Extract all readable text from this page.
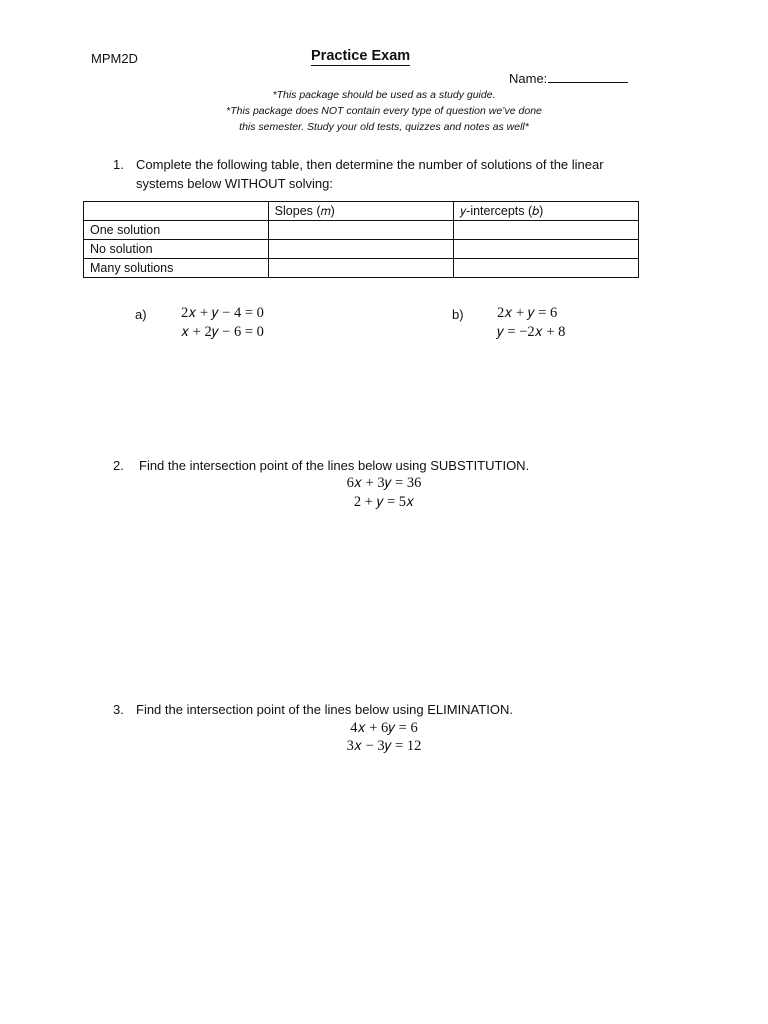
MPM2D	Practice Exam
Name:
*This package should be used as a study guide.
*This package does NOT contain every type of question we’ve done
this semester. Study your old tests, quizzes and notes as well*
1. Complete the following table, then determine the number of solutions of the linear
systems below WITHOUT solving:
	Slopes (𝑚)	𝑦-intercepts (𝑏)
One solution		
No solution		
Many solutions		
a) 2𝑥 + 𝑦 − 4 = 0
𝑥 + 2𝑦 − 6 = 0
b) 2𝑥 + 𝑦 = 6
𝑦 = −2𝑥 + 8
2. Find the intersection point of the lines below using SUBSTITUTION.
6𝑥 + 3𝑦 = 36
2 + 𝑦 = 5𝑥
3. Find the intersection point of the lines below using ELIMINATION.
4𝑥 + 6𝑦 = 6
3𝑥 − 3𝑦 = 12
